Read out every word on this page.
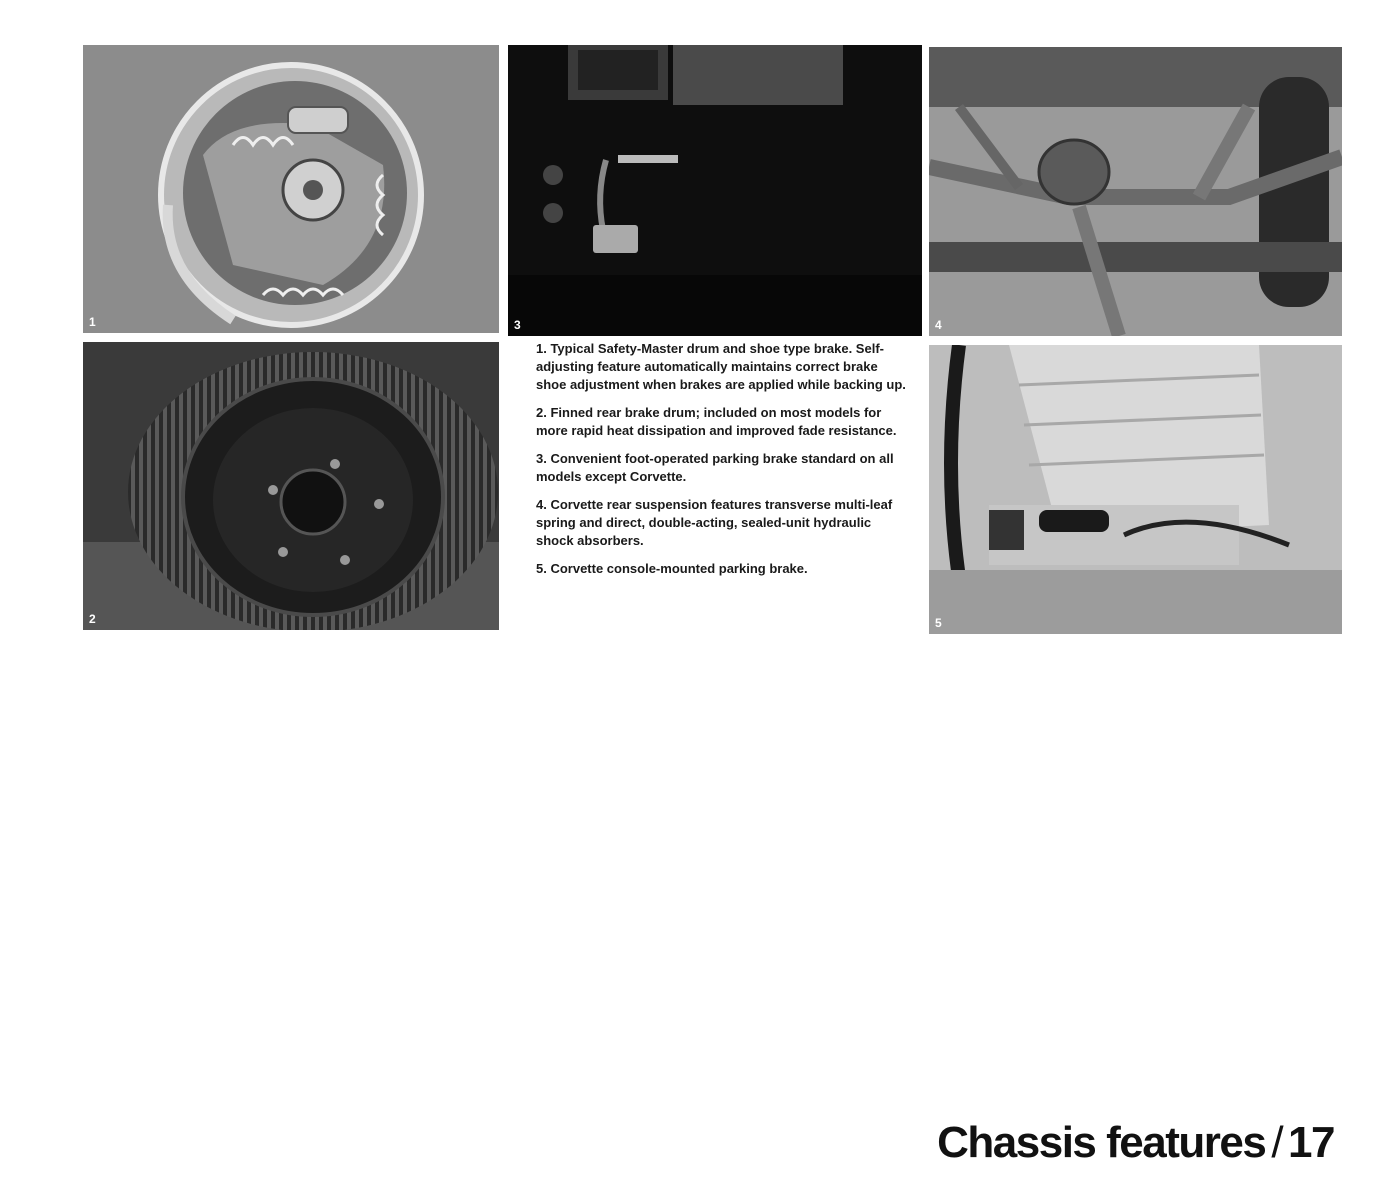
1
2
3	4
5
1. Typical Safety-Master drum and shoe type brake. Self-adjusting feature automatically maintains correct brake shoe adjustment when brakes are applied while backing up.
2. Finned rear brake drum; included on most models for more rapid heat dissipation and improved fade resistance.
3. Convenient foot-operated parking brake standard on all models except Corvette.
4. Corvette rear suspension features transverse multi-leaf spring and direct, double-acting, sealed-unit hydraulic shock absorbers.
5. Corvette console-mounted parking brake.
Chassis features / 17
